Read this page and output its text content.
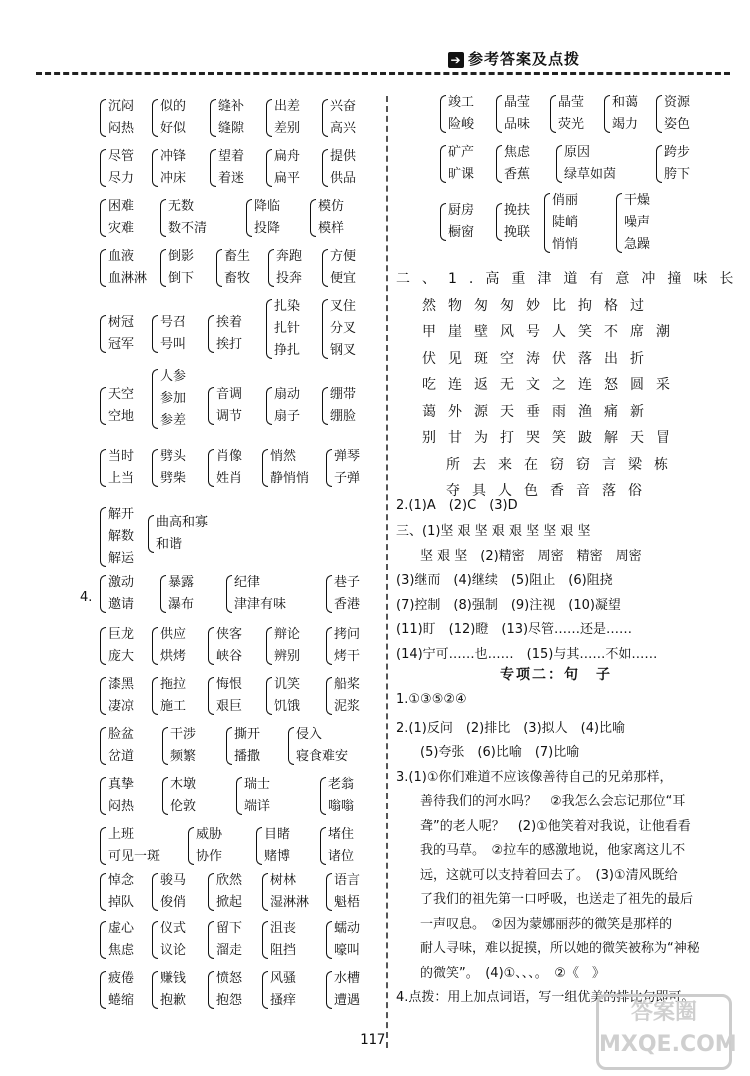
➔ 参考答案及点拨
沉闷
闷热
似的
好似
缝补
缝隙
出差
差别
兴奋
高兴
尽管
尽力
冲锋
冲床
望着
着迷
扁舟
扁平
提供
供品
困难
灾难
无数
数不清
降临
投降
模仿
模样
血液
血淋淋
倒影
倒下
畜生
畜牧
奔跑
投奔
方便
便宜
树冠
冠军
号召
号叫
挨着
挨打
扎染
扎针
挣扎
叉住
分叉
钢叉
天空
空地
人参
参加
参差
音调
调节
扇动
扇子
绷带
绷脸
当时
上当
劈头
劈柴
肖像
姓肖
悄然
静悄悄
弹琴
子弹
解开
解数
解运
曲高和寡
和谐
激动
邀请
暴露
瀑布
纪律
津津有味
巷子
香港
巨龙
庞大
供应
烘烤
侠客
峡谷
辩论
辨别
拷问
烤干
漆黑
凄凉
拖拉
施工
悔恨
艰巨
讥笑
饥饿
船桨
泥浆
脸盆
岔道
干涉
频繁
撕开
播撒
侵入
寝食难安
真挚
闷热
木墩
伦敦
瑞士
端详
老翁
嗡嗡
上班
可见一斑
威胁
协作
目睹
赌博
堵住
诸位
悼念
掉队
骏马
俊俏
欣然
掀起
树林
湿淋淋
语言
魁梧
虚心
焦虑
仪式
议论
留下
溜走
沮丧
阻挡
蠕动
嚎叫
疲倦
蜷缩
赚钱
抱歉
愤怒
抱怨
风骚
搔痒
水槽
遭遇
4.
竣工
险峻
晶莹
品味
晶莹
荧光
和蔼
竭力
资源
姿色
矿产
旷课
焦虑
香蕉
原因
绿草如茵
跨步
胯下
厨房
橱窗
挽扶
挽联
俏丽
陡峭
悄悄
干燥
噪声
急躁
二、1.高重津道有意冲撞味长
然物匆匆妙比拘格过
甲崖壁风号人笑不席潮
伏见斑空涛伏落出折
吃连返无文之连怒圆采
蔼外源天垂雨渔痛新
别甘为打哭笑跛解天冒
所去来在窃窃言梁栋
夺具人色香音落俗
2.(1)A　(2)C　(3)D
三、(1)坚 艰 坚 艰 艰 坚 坚 艰 坚
坚 艰 坚　(2)精密　周密　精密　周密
(3)继而　(4)继续　(5)阻止　(6)阻挠
(7)控制　(8)强制　(9)注视　(10)凝望
(11)盯　(12)瞪　(13)尽管……还是……
(14)宁可……也……　(15)与其……不如……
专项二：句　子
1.①③⑤②④
2.(1)反问　(2)排比　(3)拟人　(4)比喻
(5)夸张　(6)比喻　(7)比喻
3.(1)①你们难道不应该像善待自己的兄弟那样，
善待我们的河水吗？　②我怎么会忘记那位“耳
聋”的老人呢？　(2)①他笑着对我说，让他看看
我的马草。　②拉车的感激地说，他家离这儿不
远，这就可以支持着回去了。　(3)①清风既给
了我们的祖先第一口呼吸，也送走了祖先的最后
一声叹息。　②因为蒙娜丽莎的微笑是那样的
耐人寻味，难以捉摸，所以她的微笑被称为“神秘
的微笑”。　(4)①、、、。　②《　》
4.点拨：用上加点词语，写一组优美的排比句即可。
117
答案圈 MXQE.COM
